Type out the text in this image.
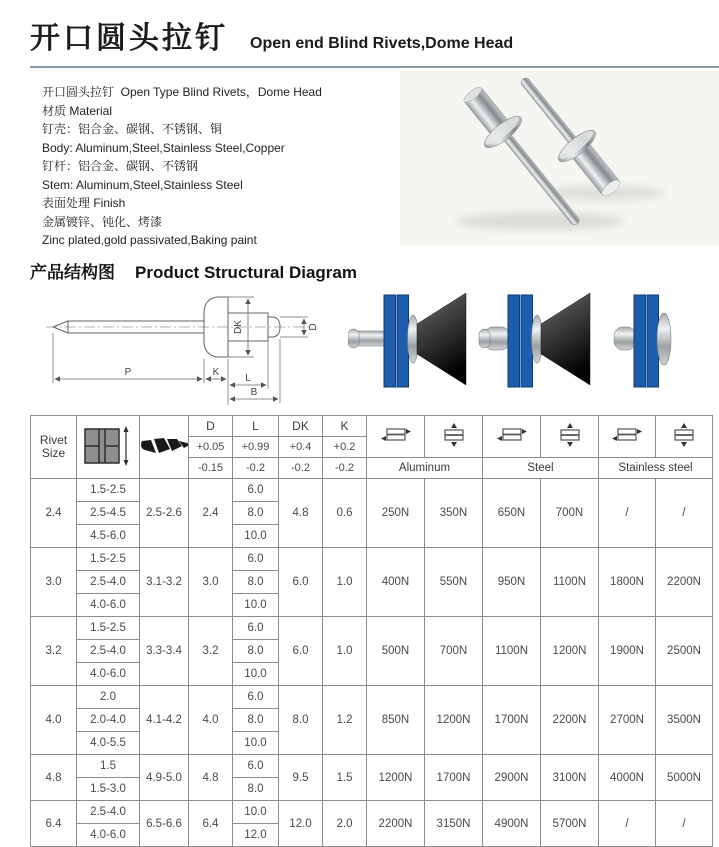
开口圆头拉钉 Open end Blind Rivets,Dome Head
开口圆头拉钉  Open Type Blind Rivets，Dome Head
材质 Material
钉壳：铝合金、碳钢、不锈钢、铜
Body: Aluminum,Steel,Stainless Steel,Copper
钉杆：铝合金、碳钢、不锈钢
Stem: Aluminum,Steel,Stainless Steel
表面处理 Finish
金属镀锌、钝化、烤漆
Zinc plated,gold passivated,Baking paint
产品结构图 Product Structural Diagram
P	K
L
B
DK	D
Rivet Size			D	L	DK	K						
			+0.05	+0.99	+0.4	+0.2						
			-0.15	-0.2	-0.2	-0.2	Aluminum		Steel		Stainless steel	
2.4	1.5-2.5	2.5-2.6	2.4	6.0	4.8	0.6	250N	350N	650N	700N	/	/
	2.5-4.5			8.0								
	4.5-6.0			10.0								
3.0	1.5-2.5	3.1-3.2	3.0	6.0	6.0	1.0	400N	550N	950N	1100N	1800N	2200N
	2.5-4.0			8.0								
	4.0-6.0			10.0								
3.2	1.5-2.5	3.3-3.4	3.2	6.0	6.0	1.0	500N	700N	1100N	1200N	1900N	2500N
	2.5-4.0			8.0								
	4.0-6.0			10.0								
4.0	2.0	4.1-4.2	4.0	6.0	8.0	1.2	850N	1200N	1700N	2200N	2700N	3500N
	2.0-4.0			8.0								
	4.0-5.5			10.0								
4.8	1.5	4.9-5.0	4.8	6.0	9.5	1.5	1200N	1700N	2900N	3100N	4000N	5000N
	1.5-3.0			8.0								
6.4	2.5-4.0	6.5-6.6	6.4	10.0	12.0	2.0	2200N	3150N	4900N	5700N	/	/
	4.0-6.0			12.0								
